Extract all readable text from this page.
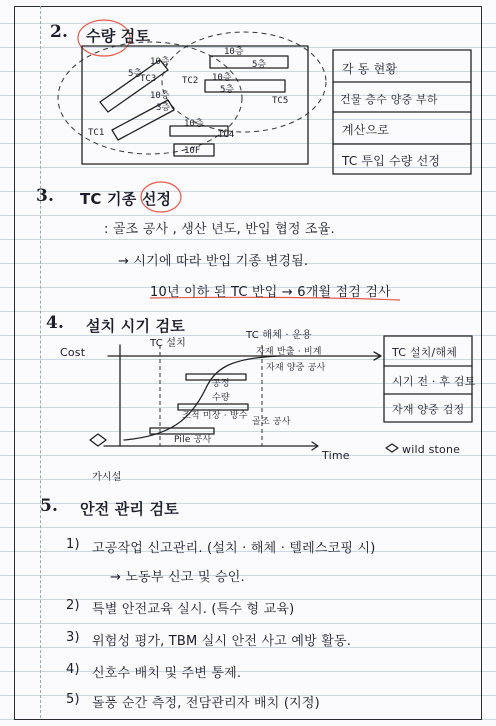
2. 수량 검토
10층
5층
10층
5층
10층
10층
3층
10층
5층
TC2
TC3
TC4
TC5
TC1
10F
각 동 현황
건물 층수 양중 부하
계산으로
TC 투입 수량 선정
3. TC 기종 선정
: 골조 공사 , 생산 년도, 반입 협정 조율.
→ 시기에 따라 반입 기종 변경됨.
10년 이하 된 TC 반입 → 6개월 점검 검사
4. 설치 시기 검토
Cost
Time
가시설
TC 설치
TC 해체 · 운용
자재 반출 · 비계
자재 양중 공사
공정
수량
조적 미장 · 방수
골조 공사
Pile 공사
TC 설치/해체
시기 전 · 후 검토
자재 양중 검정
wild stone
5. 안전 관리 검토
1) 고공작업 신고관리. (설치 · 해체 · 텔레스코핑 시)
→ 노동부 신고 및 승인.
2) 특별 안전교육 실시. (특수 형 교육)
3) 위험성 평가, TBM 실시 안전 사고 예방 활동.
4) 신호수 배치 및 주변 통제.
5) 돌풍 순간 측정, 전담관리자 배치 (지정)
